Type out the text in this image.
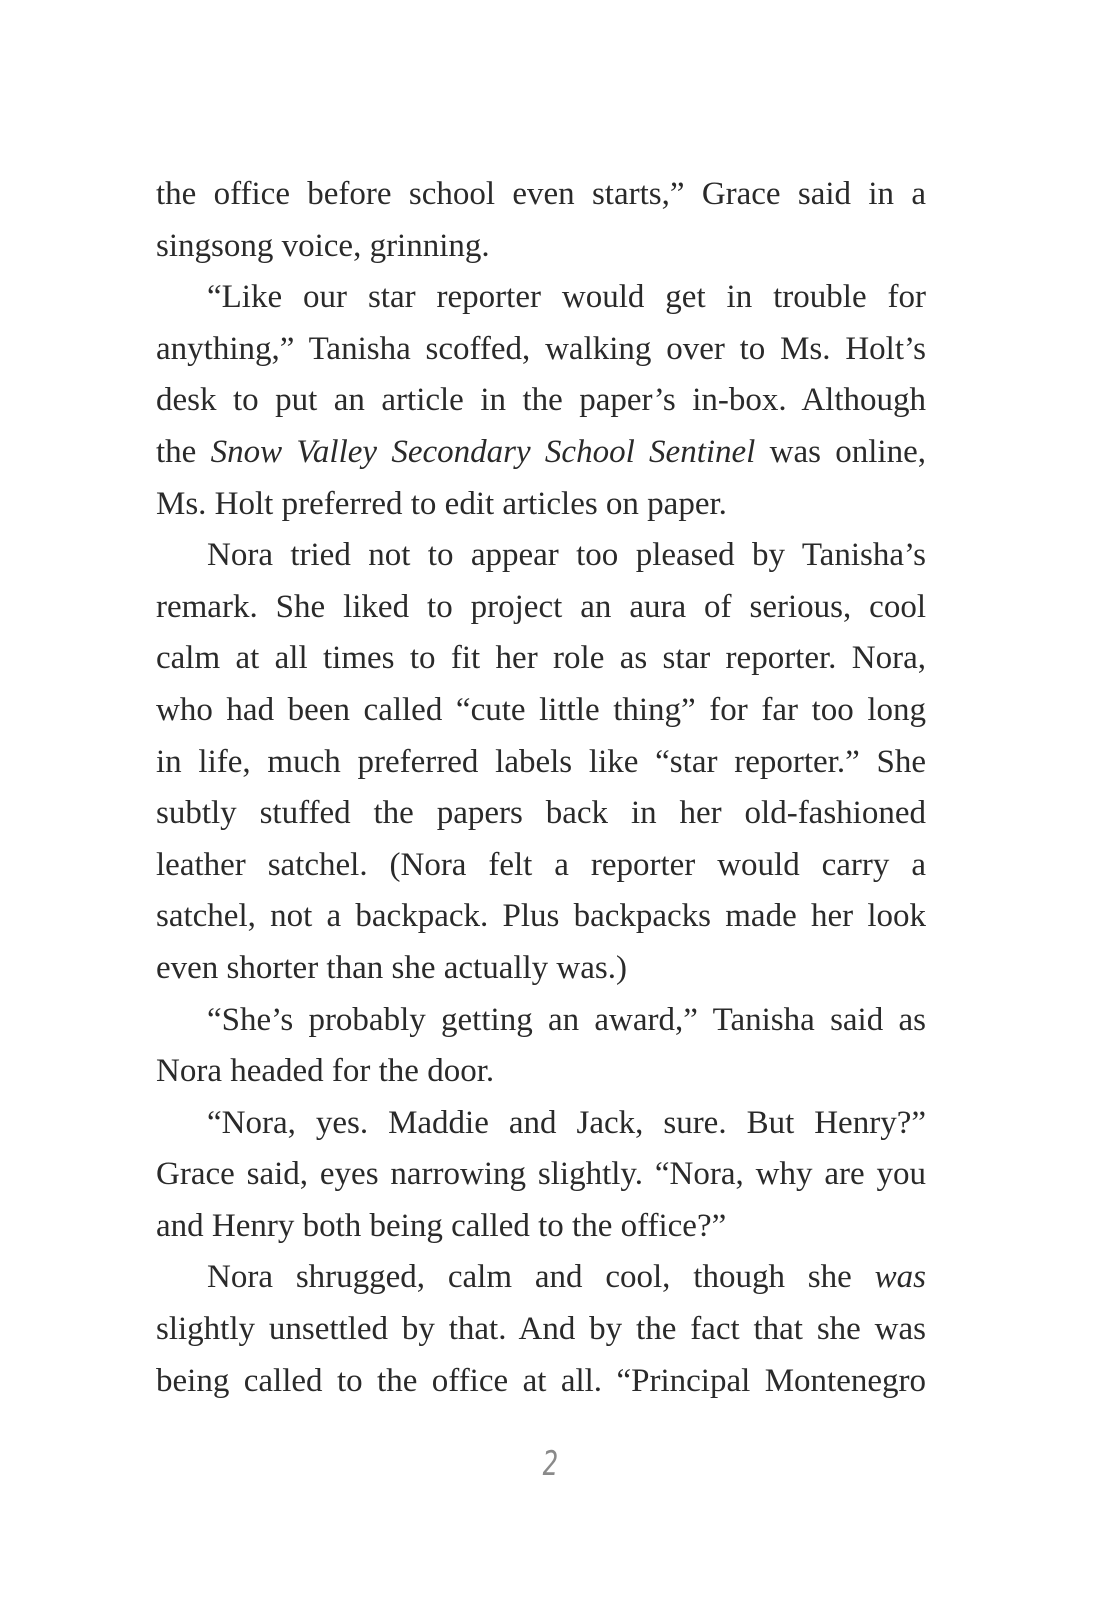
the office before school even starts,” Grace said in a
singsong voice, grinning.
“Like our star reporter would get in trouble for
anything,” Tanisha scoffed, walking over to Ms. Holt’s
desk to put an article in the paper’s in-box. Although
the Snow Valley Secondary School Sentinel was online,
Ms. Holt preferred to edit articles on paper.
Nora tried not to appear too pleased by Tanisha’s
remark. She liked to project an aura of serious, cool
calm at all times to fit her role as star reporter. Nora,
who had been called “cute little thing” for far too long
in life, much preferred labels like “star reporter.” She
subtly stuffed the papers back in her old-fashioned
leather satchel. (Nora felt a reporter would carry a
satchel, not a backpack. Plus backpacks made her look
even shorter than she actually was.)
“She’s probably getting an award,” Tanisha said as
Nora headed for the door.
“Nora, yes. Maddie and Jack, sure. But Henry?”
Grace said, eyes narrowing slightly. “Nora, why are you
and Henry both being called to the office?”
Nora shrugged, calm and cool, though she was
slightly unsettled by that. And by the fact that she was
being called to the office at all. “Principal Montenegro
2
